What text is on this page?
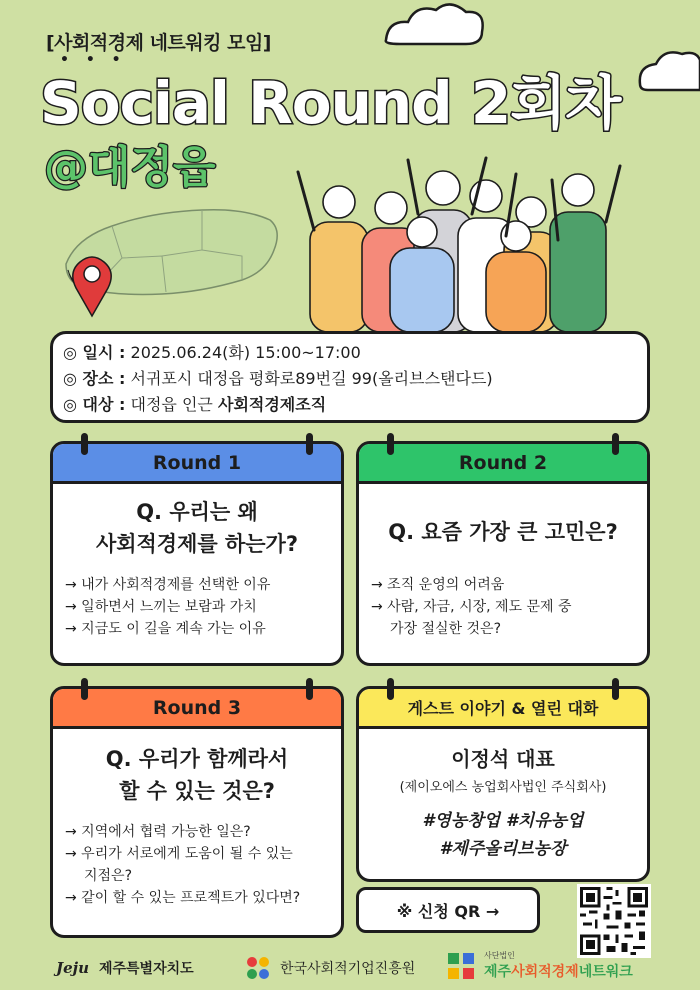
[사회적경제 네트워킹 모임]
• • •
Social Round 2회차
@대정읍
◎ 일시 : 2025.06.24(화) 15:00~17:00
◎ 장소 : 서귀포시 대정읍 평화로89번길 99(올리브스탠다드)
◎ 대상 : 대정읍 인근 사회적경제조직
Round 1
Q. 우리는 왜
사회적경제를 하는가?
→ 내가 사회적경제를 선택한 이유
→ 일하면서 느끼는 보람과 가치
→ 지금도 이 길을 계속 가는 이유
Round 2
Q. 요즘 가장 큰 고민은?
→ 조직 운영의 어려움
→ 사람, 자금, 시장, 제도 문제 중
가장 절실한 것은?
Round 3
Q. 우리가 함께라서
할 수 있는 것은?
→ 지역에서 협력 가능한 일은?
→ 우리가 서로에게 도움이 될 수 있는
지점은?
→ 같이 할 수 있는 프로젝트가 있다면?
게스트 이야기 & 열린 대화
이정석 대표
(제이오에스 농업회사법인 주식회사)
#영농창업 #치유농업
#제주올리브농장
※ 신청 QR →
Jeju 제주특별자치도	한국사회적기업진흥원
사단법인
제주사회적경제네트워크
